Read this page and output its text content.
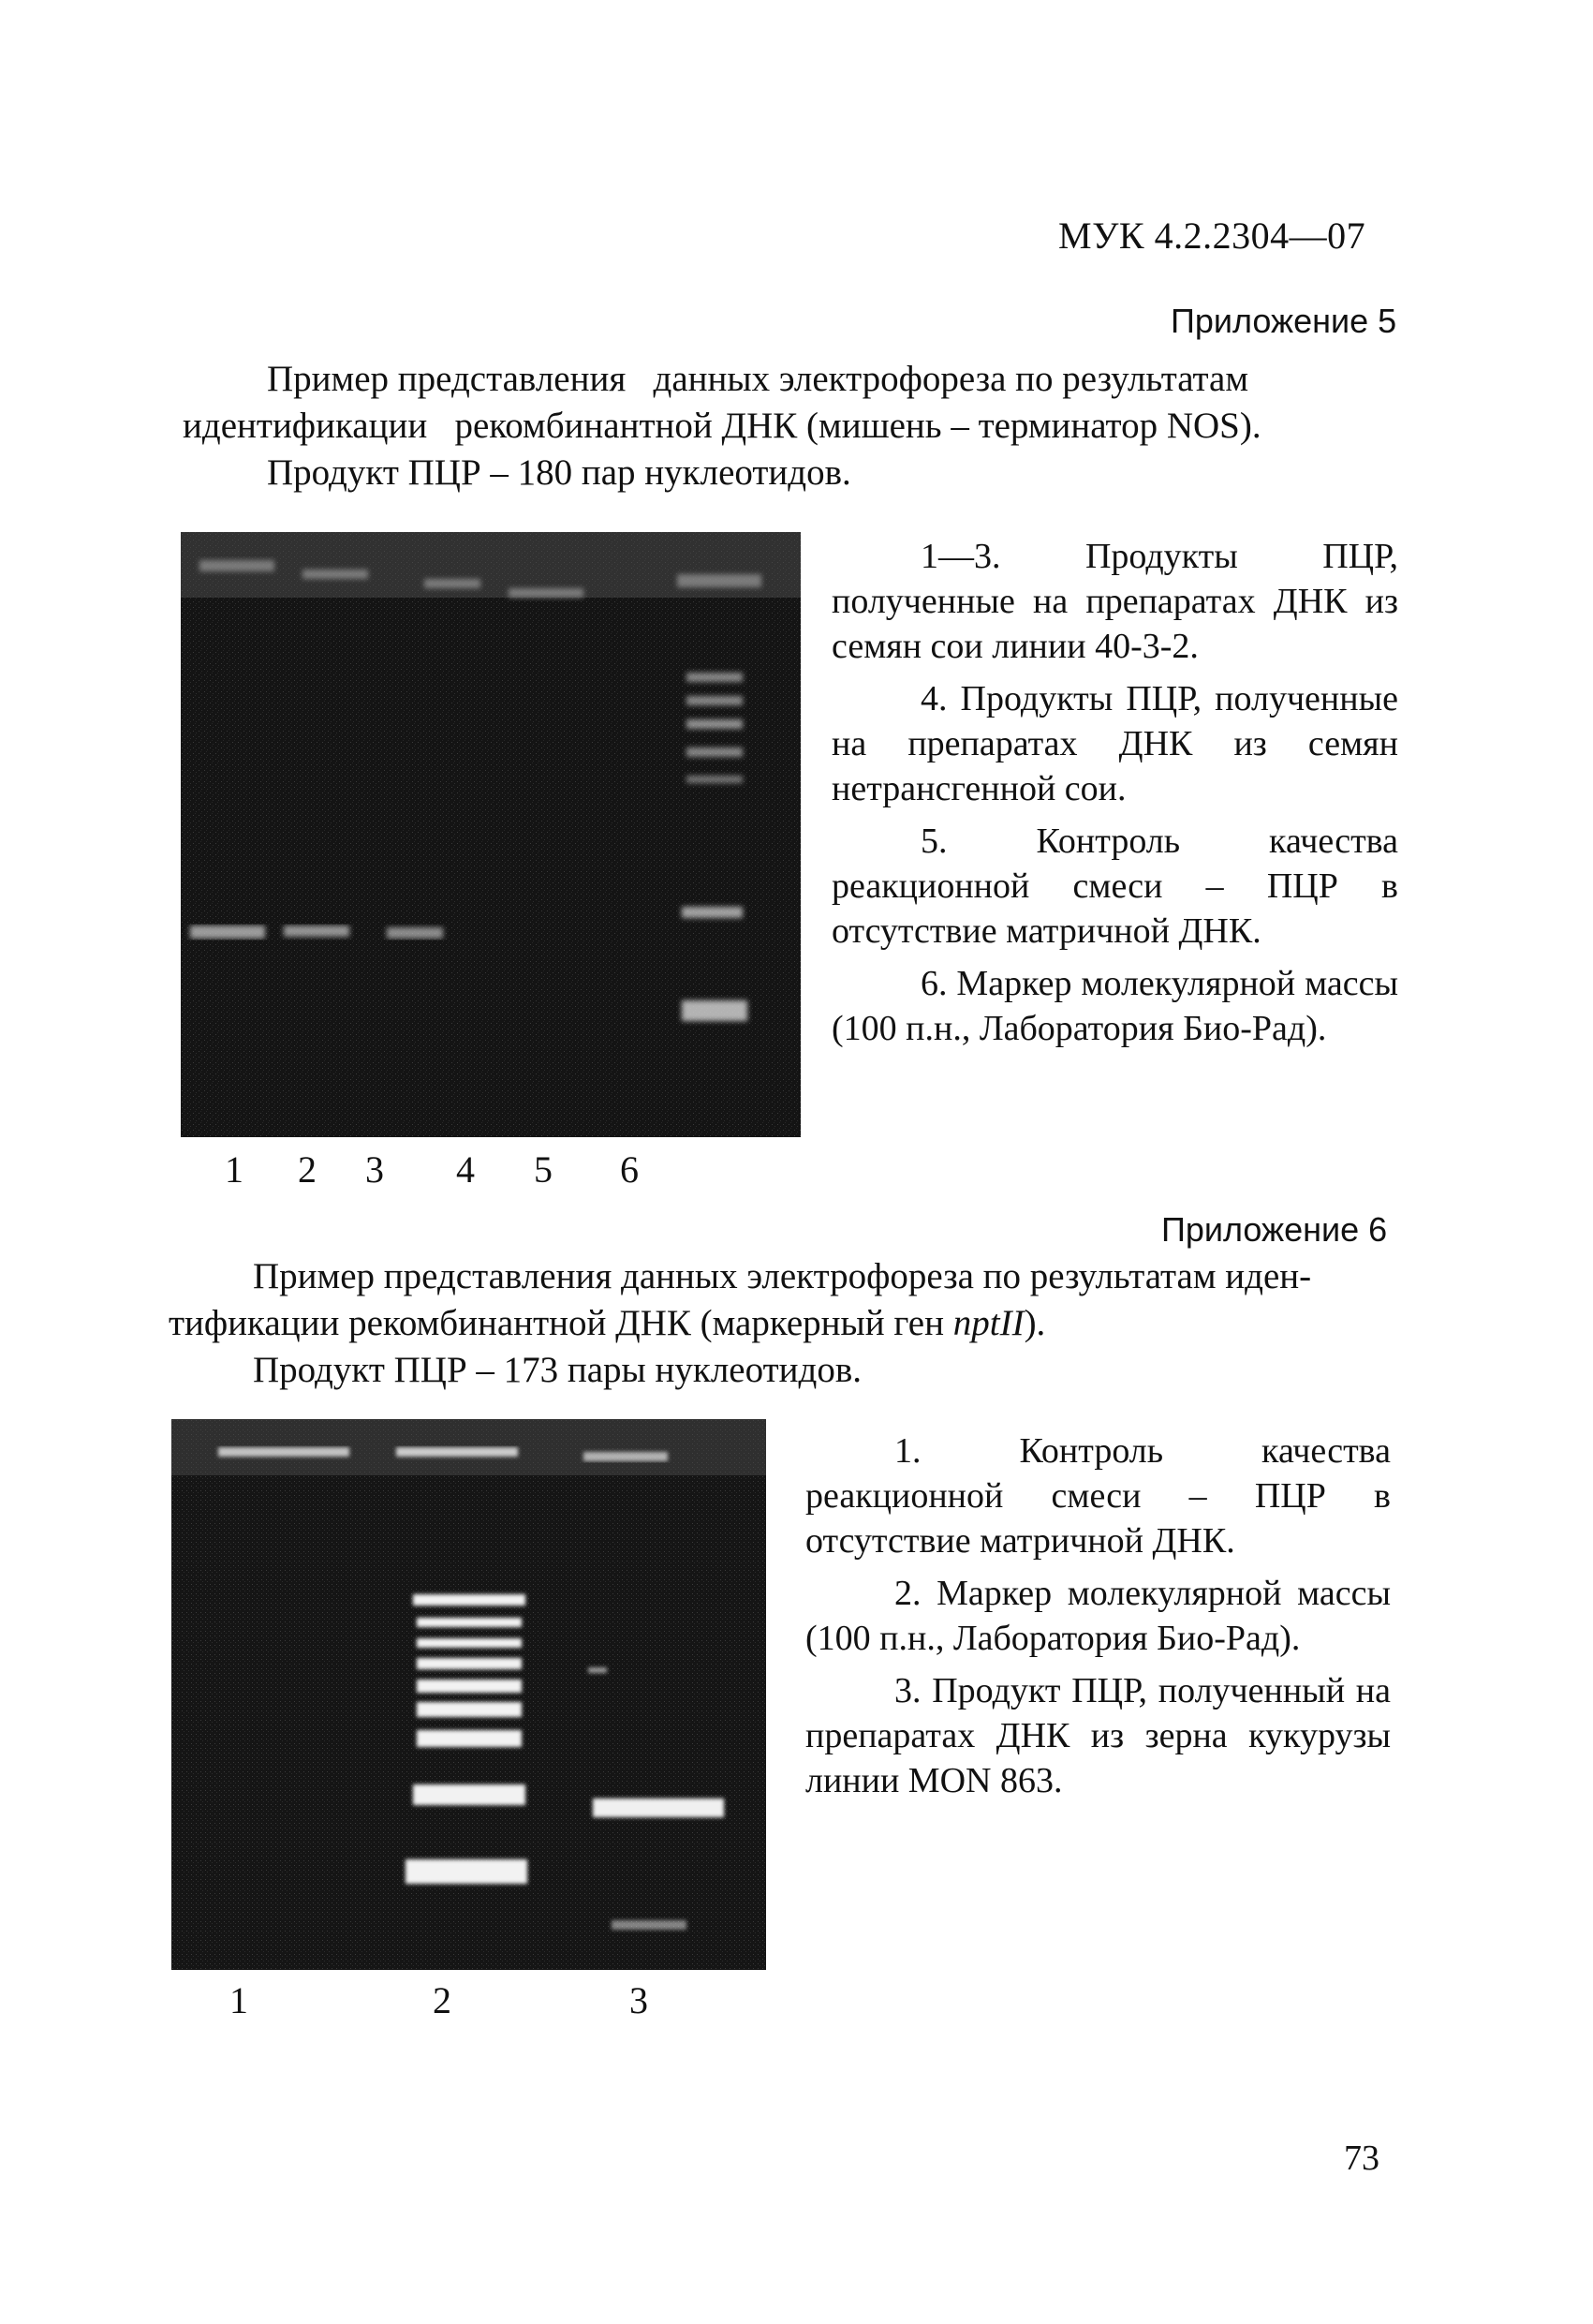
МУК 4.2.2304—07
Приложение 5

Пример представления   данных электрофореза по результатам

идентификации   рекомбинантной ДНК (мишень – терминатор NOS).

Продукт ПЦР – 180 пар нуклеотидов.

1 2 3 4 5 6

1—3. Продукты ПЦР, полученные на препаратах ДНК из семян сои линии 40-3-2.

4. Продукты ПЦР, полученные на препаратах ДНК из семян нетрансгенной сои.

5. Контроль качества реакционной смеси – ПЦР в отсутствие матричной ДНК.

6. Маркер молекулярной массы (100 п.н., Лаборатория Био-Рад).

Приложение 6

Пример представления данных электрофореза по результатам иден-

тификации рекомбинантной ДНК (маркерный ген nptII).

Продукт ПЦР – 173 пары нуклеотидов.

1	2	3

1. Контроль качества реакционной смеси – ПЦР в отсутствие матричной ДНК.

2. Маркер молекулярной массы (100 п.н., Лаборатория Био-Рад).

3. Продукт ПЦР, полученный на препаратах ДНК из зерна кукурузы линии MON 863.

73
